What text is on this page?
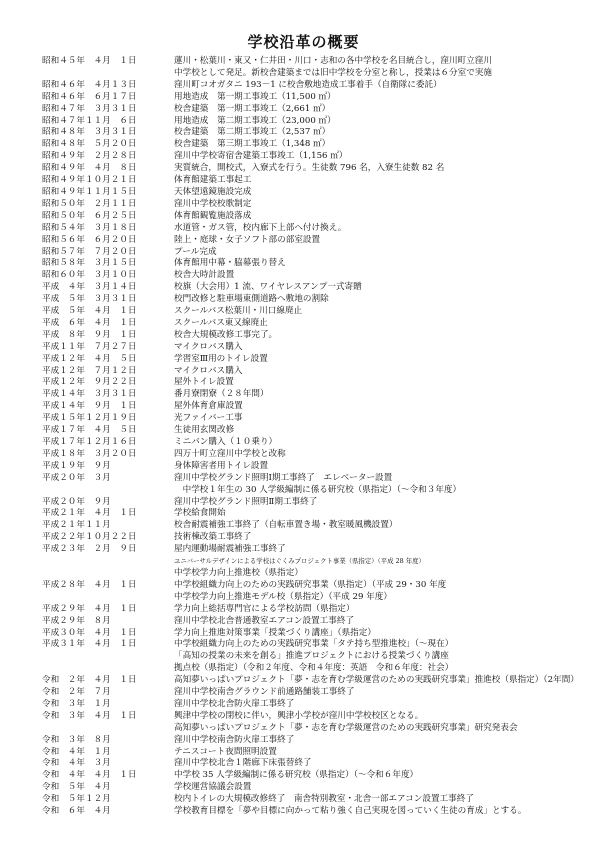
学校沿革の概要
昭和４５年　４月　１日	蓮川・松葉川・東又・仁井田・川口・志和の各中学校を名目統合し，窪川町立窪川
中学校として発足。新校舎建築までは旧中学校を分室と称し，授業は６分室で実施
昭和４６年　４月１３日	窪川町コオガタニ 193－1 に校舎敷地造成工事着手（自衛隊に委託）
昭和４６年　６月１７日	用地造成　第一期工事竣工（11,500 ㎡）
昭和４７年　３月３１日	校舎建築　第一期工事竣工（2,661 ㎡）
昭和４７年１１月　６日	用地造成　第二期工事竣工（23,000 ㎡）
昭和４８年　３月３１日	校舎建築　第二期工事竣工（2,537 ㎡）
昭和４８年　５月２０日	校舎建築　第三期工事竣工（1,348 ㎡）
昭和４９年　２月２８日	窪川中学校寄宿舎建築工事竣工（1,156 ㎡）
昭和４９年　４月　８日	実質統合，開校式，入寮式を行う。生徒数 796 名，入寮生徒数 82 名
昭和４９年１０月２１日	体育館建築工事起工
昭和４９年１１月１５日	天体望遠鏡施設完成
昭和５０年　２月１１日	窪川中学校校歌制定
昭和５０年　６月２５日	体育館観覧施設落成
昭和５４年　３月１８日	水道管・ガス管，校内廊下上部へ付け換え。
昭和５６年　６月２０日	陸上・庭球・女子ソフト部の部室設置
昭和５７年　７月２０日	プール完成
昭和５８年　３月１５日	体育館用中幕・脇幕張り替え
昭和６０年　３月１０日	校舎大時計設置
平成　４年　３月１４日	校旗（大会用）1 流、ワイヤレスアンプ一式寄贈
平成　５年　３月３１日	校門改修と駐車場東側道路へ敷地の割除
平成　５年　４月　１日	スクールバス松葉川・川口線廃止
平成　６年　４月　１日	スクールバス東又線廃止
平成　８年　９月　１日	校舎大規模改修工事完了。
平成１１年　７月２７日	マイクロバス購入
平成１２年　４月　５日	学習室Ⅲ用のトイレ設置
平成１２年　７月１２日	マイクロバス購入
平成１２年　９月２２日	屋外トイレ設置
平成１４年　３月３１日	番月寮閉寮（２８年間）
平成１４年　９月　１日	屋外体育倉庫設置
平成１５年１２月１９日	光ファイバー工事
平成１７年　４月　５日	生徒用玄関改修
平成１７年１２月１６日	ミニバン購入（１０乗り）
平成１８年　３月２０日	四万十町立窪川中学校と改称
平成１９年　９月	身体障害者用トイレ設置
平成２０年　３月	窪川中学校グランド照明Ⅰ期工事終了　エレベーター設置
　中学校１年生の 30 人学級編制に係る研究校（県指定）（～令和３年度）
平成２０年　９月	窪川中学校グランド照明Ⅱ期工事終了
平成２１年　４月　１日	学校給食開始
平成２１年１１月	校舎耐震補強工事終了（自転車置き場・教室暖風機設置）
平成２２年１０月２２日	技術棟改築工事終了
平成２３年　２月　９日	屋内運動場耐震補強工事終了
ユニバーサルデザインによる学校はぐくみプロジェクト事業（県指定）（平成 28 年度）
中学校学力向上推進校（県指定）
平成２８年　４月　１日	中学校組織力向上のための実践研究事業（県指定）（平成 29・30 年度
中学校学力向上推進モデル校（県指定）（平成 29 年度）
平成２９年　４月　１日	学力向上総括専門官による学校訪問（県指定）
平成２９年　８月	窪川中学校北舎普通教室エアコン設置工事終了
平成３０年　４月　１日	学力向上推進対策事業「授業づくり講座」（県指定）
平成３１年　４月　１日	中学校組織力向上のための実践研究事業「タテ持ち型推進校」（～現在）
「高知の授業の未来を創る」推進プロジェクトにおける授業づくり講座
拠点校（県指定）（令和２年度、令和４年度：英語　令和６年度：社会）
令和　２年　４月　１日	高知夢いっぱいプロジェクト「夢・志を育む学級運営のための実践研究事業」推進校（県指定）（2年間）
令和　２年　７月	窪川中学校南舎グラウンド前通路舗装工事終了
令和　３年　１月	窪川中学校北舎防火扉工事終了
令和　３年　４月　１日	興津中学校の閉校に伴い，興津小学校が窪川中学校校区となる。
高知夢いっぱいプロジェクト「夢・志を育む学級運営のための実践研究事業」研究発表会
令和　３年　８月	窪川中学校南舎防火扉工事終了
令和　４年　１月	テニスコート夜間照明設置
令和　４年　３月	窪川中学校北舎１階廊下床張替終了
令和　４年　４月　１日	中学校 35 人学級編制に係る研究校（県指定）（～令和６年度）
令和　５年　４月	学校運営協議会設置
令和　５年１２月	校内トイレの大規模改修終了　南舎特別教室・北舎一部エアコン設置工事終了
令和　６年　４月	学校教育目標を「夢や目標に向かって粘り強く自己実現を図っていく生徒の育成」とする。
